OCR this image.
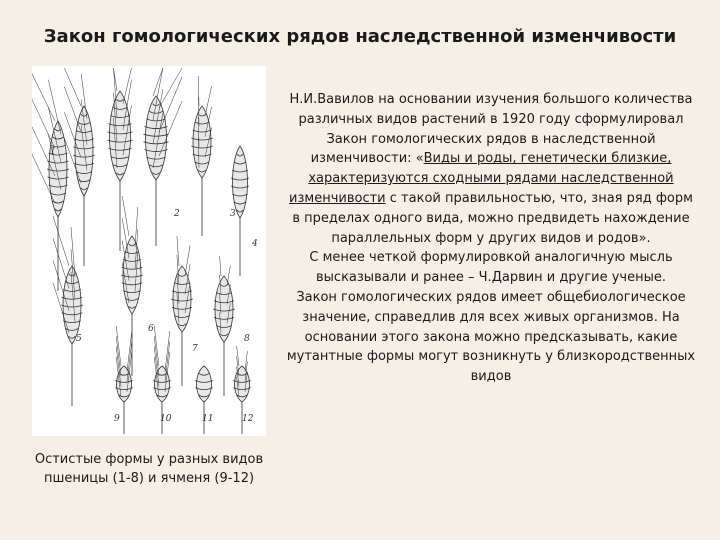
Закон гомологических рядов наследственной изменчивости
1
2	3
4
5
6
7
8
9	10	11	12
Остистые формы у разных видов пшеницы (1-8) и ячменя (9-12)

Н.И.Вавилов на основании изучения большого количества различных видов растений в 1920 году сформулировал Закон гомологических рядов в наследственной изменчивости: «Виды и роды, генетически близкие, характеризуются сходными рядами наследственной изменчивости с такой правильностью, что, зная ряд форм в пределах одного вида, можно предвидеть нахождение параллельных форм у других видов и родов».

С менее четкой формулировкой аналогичную мысль высказывали и ранее – Ч.Дарвин и другие ученые.

Закон гомологических рядов имеет общебиологическое значение, справедлив для всех живых организмов. На основании этого закона можно предсказывать, какие мутантные формы могут возникнуть у близкородственных видов
